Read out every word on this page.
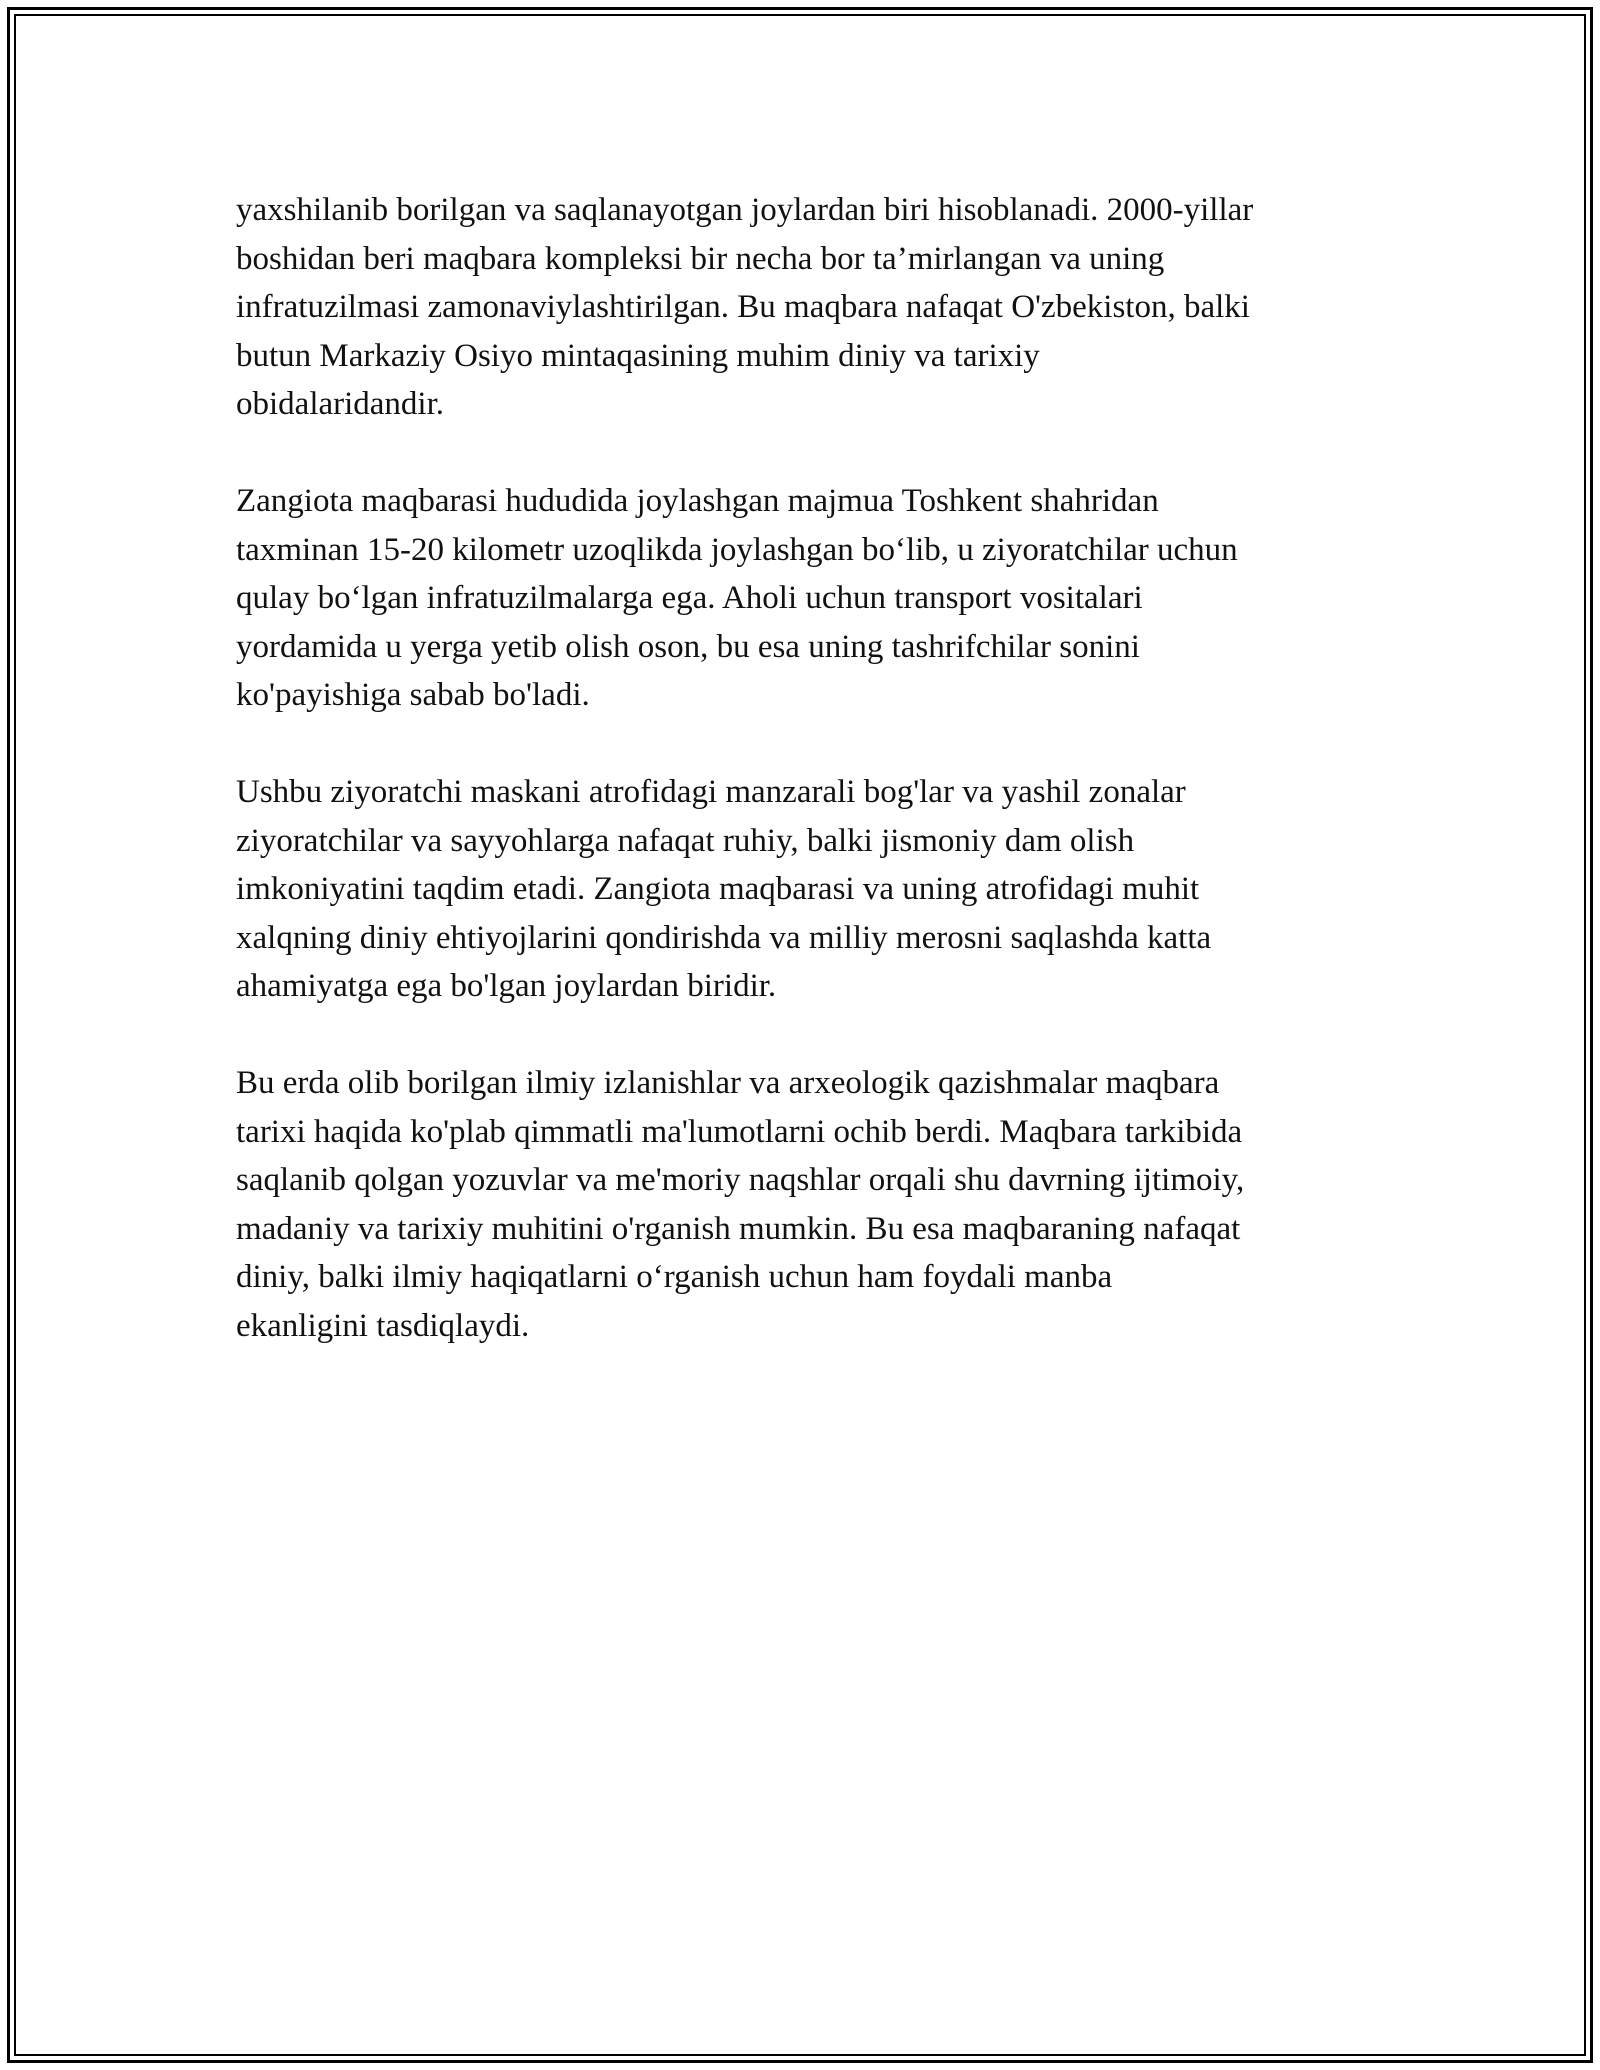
yaxshilanib borilgan va saqlanayotgan joylardan biri hisoblanadi. 2000-yillar
boshidan beri maqbara kompleksi bir necha bor ta’mirlangan va uning
infratuzilmasi zamonaviylashtirilgan. Bu maqbara nafaqat O'zbekiston, balki
butun Markaziy Osiyo mintaqasining muhim diniy va tarixiy
obidalaridandir.

Zangiota maqbarasi hududida joylashgan majmua Toshkent shahridan
taxminan 15-20 kilometr uzoqlikda joylashgan bo‘lib, u ziyoratchilar uchun
qulay bo‘lgan infratuzilmalarga ega. Aholi uchun transport vositalari
yordamida u yerga yetib olish oson, bu esa uning tashrifchilar sonini
ko'payishiga sabab bo'ladi.

Ushbu ziyoratchi maskani atrofidagi manzarali bog'lar va yashil zonalar
ziyoratchilar va sayyohlarga nafaqat ruhiy, balki jismoniy dam olish
imkoniyatini taqdim etadi. Zangiota maqbarasi va uning atrofidagi muhit
xalqning diniy ehtiyojlarini qondirishda va milliy merosni saqlashda katta
ahamiyatga ega bo'lgan joylardan biridir.

Bu erda olib borilgan ilmiy izlanishlar va arxeologik qazishmalar maqbara
tarixi haqida ko'plab qimmatli ma'lumotlarni ochib berdi. Maqbara tarkibida
saqlanib qolgan yozuvlar va me'moriy naqshlar orqali shu davrning ijtimoiy,
madaniy va tarixiy muhitini o'rganish mumkin. Bu esa maqbaraning nafaqat
diniy, balki ilmiy haqiqatlarni o‘rganish uchun ham foydali manba
ekanligini tasdiqlaydi.
